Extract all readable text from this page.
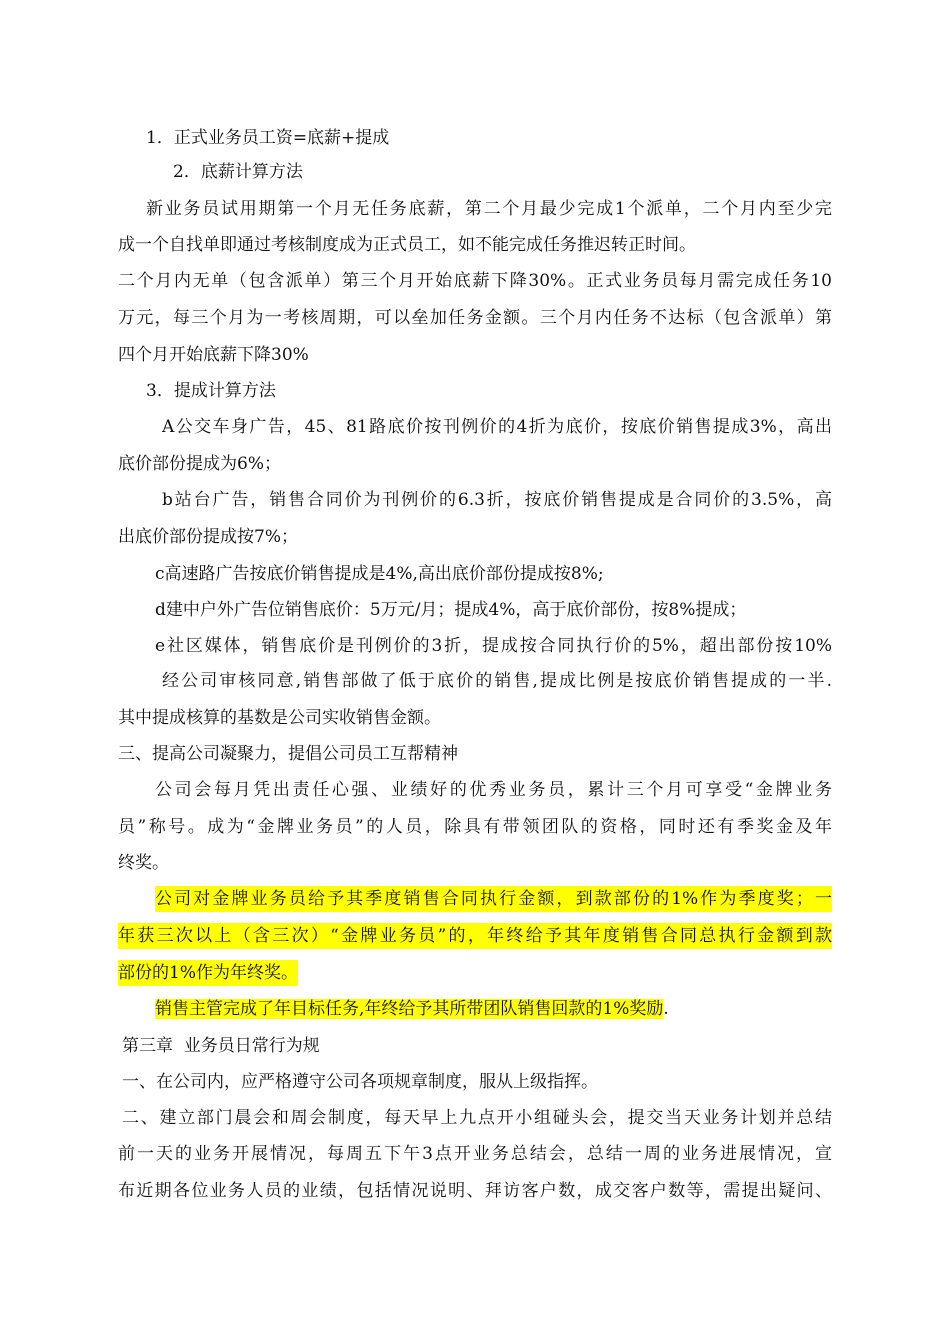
1．正式业务员工资=底薪+提成
2．底薪计算方法
新业务员试用期第一个月无任务底薪，第二个月最少完成1个派单，二个月内至少完
成一个自找单即通过考核制度成为正式员工，如不能完成任务推迟转正时间。
二个月内无单（包含派单）第三个月开始底薪下降30%。正式业务员每月需完成任务10
万元，每三个月为一考核周期，可以垒加任务金额。三个月内任务不达标（包含派单）第
四个月开始底薪下降30%
3．提成计算方法
A公交车身广告，45、81路底价按刊例价的4折为底价，按底价销售提成3%，高出
底价部份提成为6%；
b站台广告，销售合同价为刊例价的6.3折，按底价销售提成是合同价的3.5%，高
出底价部份提成按7%；
c高速路广告按底价销售提成是4%,高出底价部份提成按8%;
d建中户外广告位销售底价：5万元/月；提成4%，高于底价部份，按8%提成；
e社区媒体，销售底价是刊例价的3折，提成按合同执行价的5%，超出部份按10%
经公司审核同意,销售部做了低于底价的销售,提成比例是按底价销售提成的一半.
其中提成核算的基数是公司实收销售金额。
三、提高公司凝聚力，提倡公司员工互帮精神
公司会每月凭出责任心强、业绩好的优秀业务员，累计三个月可享受“金牌业务
员”称号。成为“金牌业务员”的人员，除具有带领团队的资格，同时还有季奖金及年
终奖。
公司对金牌业务员给予其季度销售合同执行金额，到款部份的1%作为季度奖；一
年获三次以上（含三次）“金牌业务员”的，年终给予其年度销售合同总执行金额到款
部份的1%作为年终奖。
销售主管完成了年目标任务,年终给予其所带团队销售回款的1%奖励.
第三章  业务员日常行为规
一、在公司内，应严格遵守公司各项规章制度，服从上级指挥。
二、建立部门晨会和周会制度，每天早上九点开小组碰头会，提交当天业务计划并总结
前一天的业务开展情况，每周五下午3点开业务总结会，总结一周的业务进展情况，宣
布近期各位业务人员的业绩，包括情况说明、拜访客户数，成交客户数等，需提出疑问、
